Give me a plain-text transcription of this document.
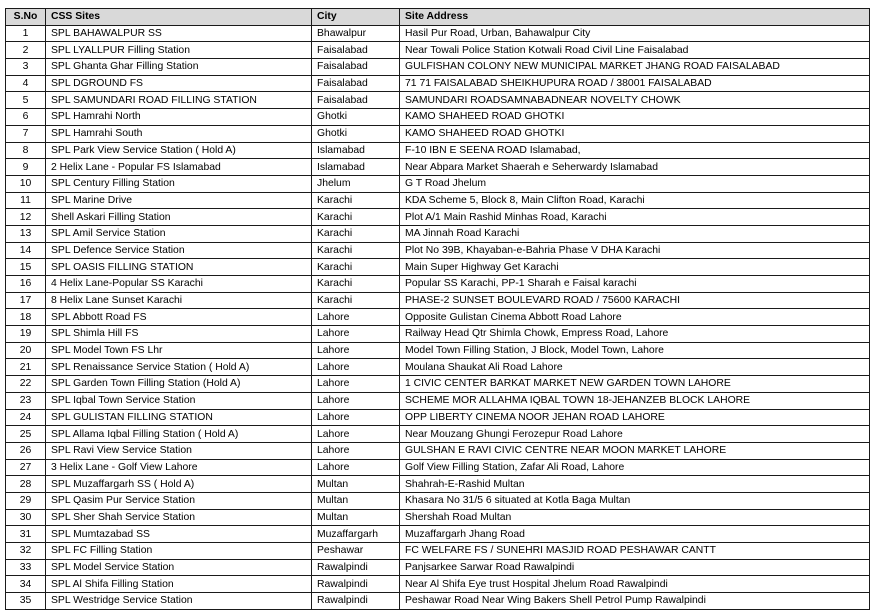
S.No	CSS Sites	City	Site Address
1	SPL BAHAWALPUR SS	Bhawalpur	Hasil Pur Road, Urban, Bahawalpur City
2	SPL LYALLPUR Filling Station	Faisalabad	Near Towali Police Station Kotwali Road Civil Line Faisalabad
3	SPL Ghanta Ghar Filling Station	Faisalabad	GULFISHAN COLONY NEW MUNICIPAL MARKET JHANG ROAD FAISALABAD
4	SPL DGROUND FS	Faisalabad	71 71 FAISALABAD SHEIKHUPURA ROAD / 38001 FAISALABAD
5	SPL SAMUNDARI ROAD FILLING STATION	Faisalabad	SAMUNDARI ROADSAMNABADNEAR NOVELTY CHOWK
6	SPL Hamrahi North	Ghotki	KAMO SHAHEED ROAD GHOTKI
7	SPL Hamrahi South	Ghotki	KAMO SHAHEED ROAD GHOTKI
8	SPL Park View Service Station ( Hold A)	Islamabad	F-10 IBN E SEENA ROAD Islamabad,
9	2 Helix Lane - Popular FS Islamabad	Islamabad	Near Abpara Market Shaerah e Seherwardy Islamabad
10	SPL Century Filling Station	Jhelum	G T Road Jhelum
11	SPL Marine Drive	Karachi	KDA Scheme 5, Block 8, Main Clifton Road, Karachi
12	Shell Askari Filling Station	Karachi	Plot A/1 Main Rashid Minhas Road, Karachi
13	SPL Amil Service Station	Karachi	MA Jinnah Road Karachi
14	SPL Defence Service Station	Karachi	Plot No 39B, Khayaban-e-Bahria Phase V DHA Karachi
15	SPL OASIS FILLING STATION	Karachi	Main Super Highway Get Karachi
16	4 Helix Lane-Popular SS Karachi	Karachi	Popular SS Karachi, PP-1 Sharah e Faisal karachi
17	8 Helix Lane Sunset Karachi	Karachi	PHASE-2 SUNSET BOULEVARD ROAD / 75600 KARACHI
18	SPL Abbott Road FS	Lahore	Opposite Gulistan Cinema Abbott Road Lahore
19	SPL Shimla Hill FS	Lahore	Railway Head Qtr Shimla Chowk, Empress Road, Lahore
20	SPL Model Town FS Lhr	Lahore	Model Town Filling Station, J Block, Model Town, Lahore
21	SPL Renaissance Service Station ( Hold A)	Lahore	Moulana Shaukat Ali Road Lahore
22	SPL Garden Town Filling Station (Hold A)	Lahore	1 CIVIC CENTER BARKAT MARKET NEW GARDEN TOWN LAHORE
23	SPL Iqbal Town Service Station	Lahore	SCHEME MOR ALLAHMA IQBAL TOWN 18-JEHANZEB BLOCK LAHORE
24	SPL GULISTAN FILLING STATION	Lahore	OPP LIBERTY CINEMA NOOR JEHAN ROAD LAHORE
25	SPL Allama Iqbal Filling Station ( Hold A)	Lahore	Near Mouzang Ghungi Ferozepur Road Lahore
26	SPL Ravi View Service Station	Lahore	GULSHAN E RAVI CIVIC CENTRE NEAR MOON MARKET LAHORE
27	3 Helix Lane - Golf View Lahore	Lahore	Golf View Filling Station, Zafar Ali Road, Lahore
28	SPL Muzaffargarh SS ( Hold A)	Multan	Shahrah-E-Rashid Multan
29	SPL Qasim Pur Service Station	Multan	Khasara No 31/5 6 situated at Kotla Baga Multan
30	SPL Sher Shah Service Station	Multan	Shershah Road Multan
31	SPL Mumtazabad SS	Muzaffargarh	Muzaffargarh Jhang Road
32	SPL FC Filling Station	Peshawar	FC WELFARE FS / SUNEHRI MASJID ROAD PESHAWAR CANTT
33	SPL Model Service Station	Rawalpindi	Panjsarkee Sarwar Road Rawalpindi
34	SPL Al Shifa Filling Station	Rawalpindi	Near Al Shifa Eye trust Hospital Jhelum Road Rawalpindi
35	SPL Westridge Service Station	Rawalpindi	Peshawar Road Near Wing Bakers Shell Petrol Pump Rawalpindi
